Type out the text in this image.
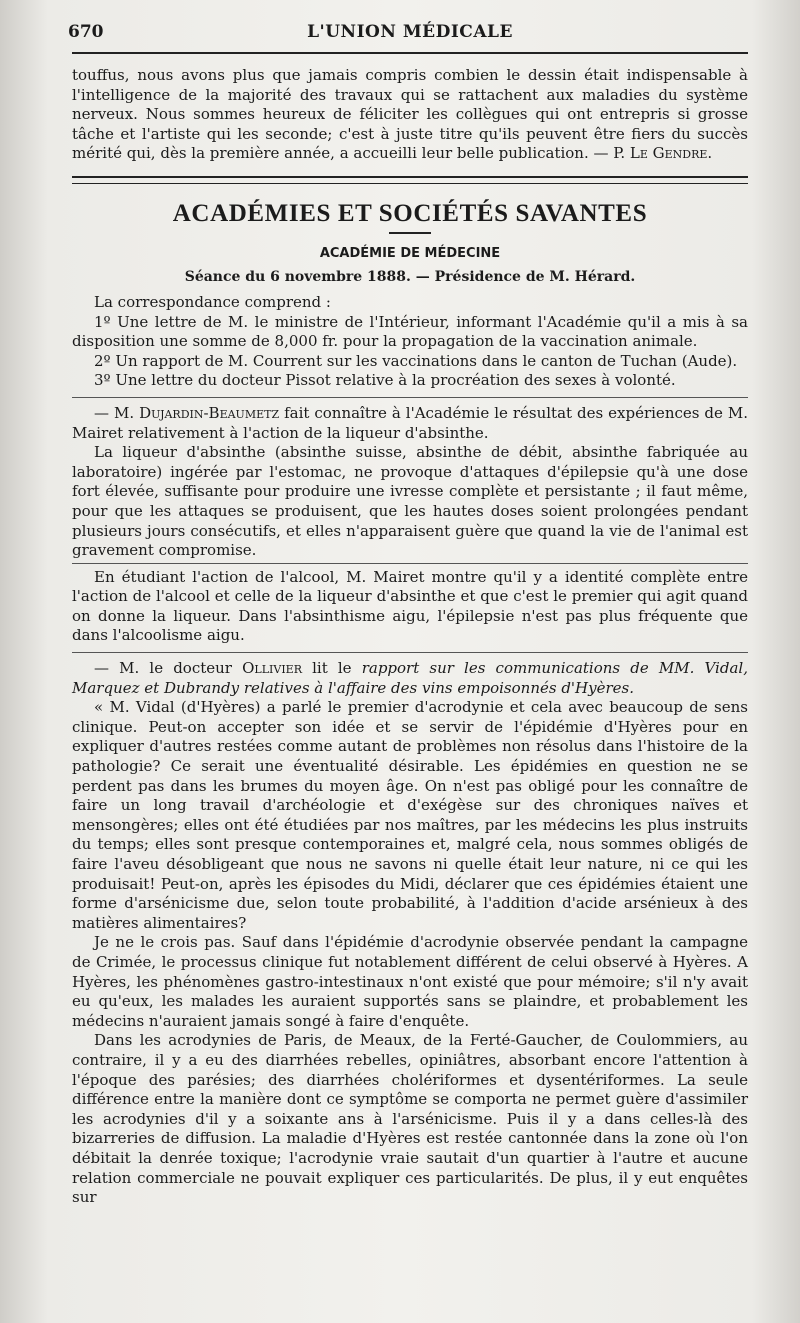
670	L'UNION MÉDICALE

touffus, nous avons plus que jamais compris combien le dessin était indispensable à l'intelligence de la majorité des travaux qui se rattachent aux maladies du système nerveux. Nous sommes heureux de féliciter les collègues qui ont entrepris si grosse tâche et l'artiste qui les seconde; c'est à juste titre qu'ils peuvent être fiers du succès mérité qui, dès la première année, a accueilli leur belle publication. — P. Le Gendre.

ACADÉMIES ET SOCIÉTÉS SAVANTES
ACADÉMIE DE MÉDECINE
Séance du 6 novembre 1888. — Présidence de M. Hérard.

La correspondance comprend :

1º Une lettre de M. le ministre de l'Intérieur, informant l'Académie qu'il a mis à sa disposition une somme de 8,000 fr. pour la propagation de la vaccination animale.

2º Un rapport de M. Courrent sur les vaccinations dans le canton de Tuchan (Aude).

3º Une lettre du docteur Pissot relative à la procréation des sexes à volonté.

— M. Dujardin-Beaumetz fait connaître à l'Académie le résultat des expériences de M. Mairet relativement à l'action de la liqueur d'absinthe.

La liqueur d'absinthe (absinthe suisse, absinthe de débit, absinthe fabriquée au laboratoire) ingérée par l'estomac, ne provoque d'attaques d'épilepsie qu'à une dose fort élevée, suffisante pour produire une ivresse complète et persistante ; il faut même, pour que les attaques se produisent, que les hautes doses soient prolongées pendant plusieurs jours consécutifs, et elles n'apparaisent guère que quand la vie de l'animal est gravement compromise.

En étudiant l'action de l'alcool, M. Mairet montre qu'il y a identité complète entre l'action de l'alcool et celle de la liqueur d'absinthe et que c'est le premier qui agit quand on donne la liqueur. Dans l'absinthisme aigu, l'épilepsie n'est pas plus fréquente que dans l'alcoolisme aigu.

— M. le docteur Ollivier lit le rapport sur les communications de MM. Vidal, Marquez et Dubrandy relatives à l'affaire des vins empoisonnés d'Hyères.

« M. Vidal (d'Hyères) a parlé le premier d'acrodynie et cela avec beaucoup de sens clinique. Peut-on accepter son idée et se servir de l'épidémie d'Hyères pour en expliquer d'autres restées comme autant de problèmes non résolus dans l'histoire de la pathologie? Ce serait une éventualité désirable. Les épidémies en question ne se perdent pas dans les brumes du moyen âge. On n'est pas obligé pour les connaître de faire un long travail d'archéologie et d'exégèse sur des chroniques naïves et mensongères; elles ont été étudiées par nos maîtres, par les médecins les plus instruits du temps; elles sont presque contemporaines et, malgré cela, nous sommes obligés de faire l'aveu désobligeant que nous ne savons ni quelle était leur nature, ni ce qui les produisait! Peut-on, après les épisodes du Midi, déclarer que ces épidémies étaient une forme d'arsénicisme due, selon toute probabilité, à l'addition d'acide arsénieux à des matières alimentaires?

Je ne le crois pas. Sauf dans l'épidémie d'acrodynie observée pendant la campagne de Crimée, le processus clinique fut notablement différent de celui observé à Hyères. A Hyères, les phénomènes gastro-intestinaux n'ont existé que pour mémoire; s'il n'y avait eu qu'eux, les malades les auraient supportés sans se plaindre, et probablement les médecins n'auraient jamais songé à faire d'enquête.

Dans les acrodynies de Paris, de Meaux, de la Ferté-Gaucher, de Coulommiers, au contraire, il y a eu des diarrhées rebelles, opiniâtres, absorbant encore l'attention à l'époque des parésies; des diarrhées cholériformes et dysentériformes. La seule différence entre la manière dont ce symptôme se comporta ne permet guère d'assimiler les acrodynies d'il y a soixante ans à l'arsénicisme. Puis il y a dans celles-là des bizarreries de diffusion. La maladie d'Hyères est restée cantonnée dans la zone où l'on débitait la denrée toxique; l'acrodynie vraie sautait d'un quartier à l'autre et aucune relation commerciale ne pouvait expliquer ces particularités. De plus, il y eut enquêtes sur
